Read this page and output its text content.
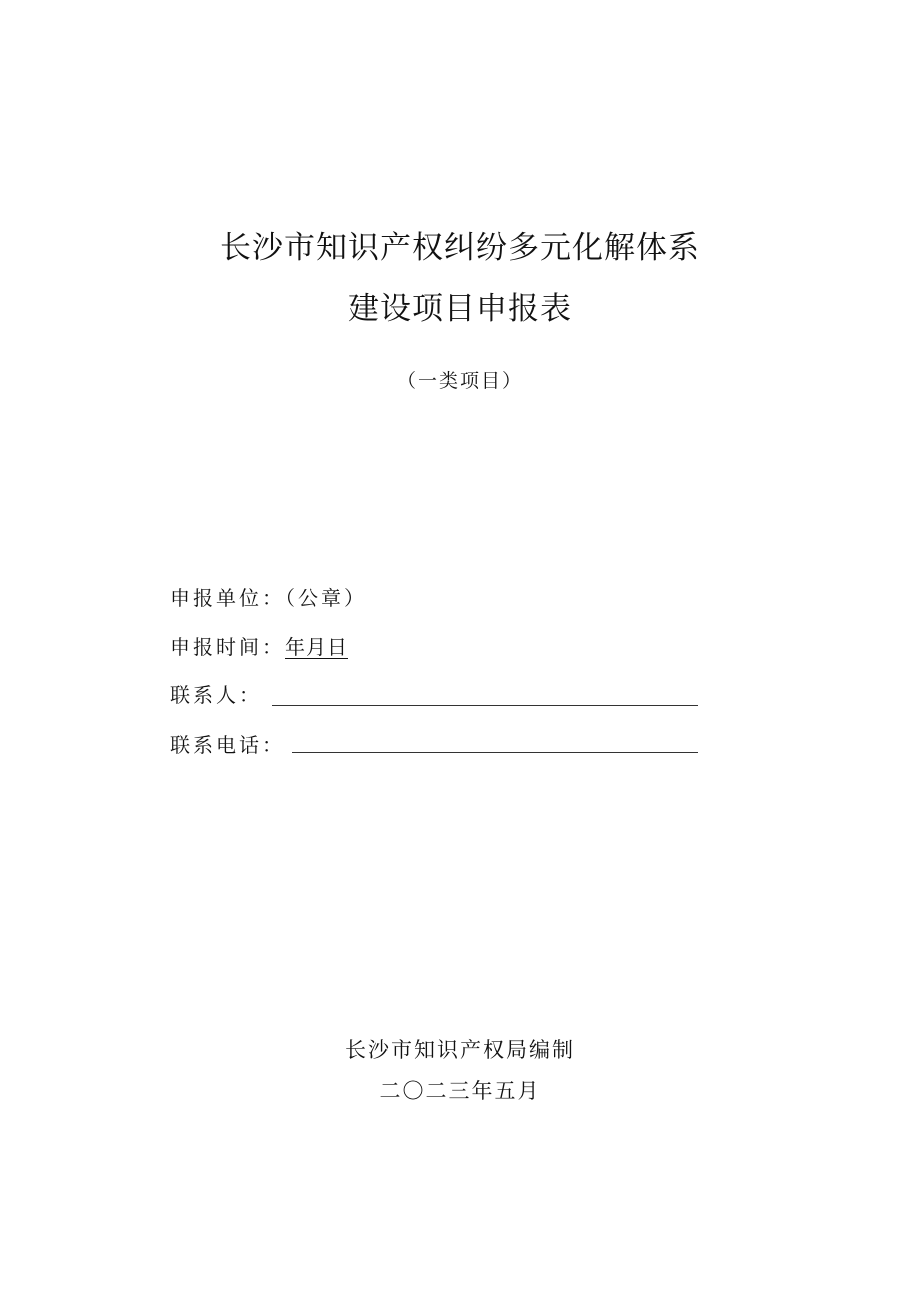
长沙市知识产权纠纷多元化解体系
建设项目申报表
（一类项目）
申报单位：（公章）
申报时间：年月日
联系人：
联系电话：
长沙市知识产权局编制
二〇二三年五月
